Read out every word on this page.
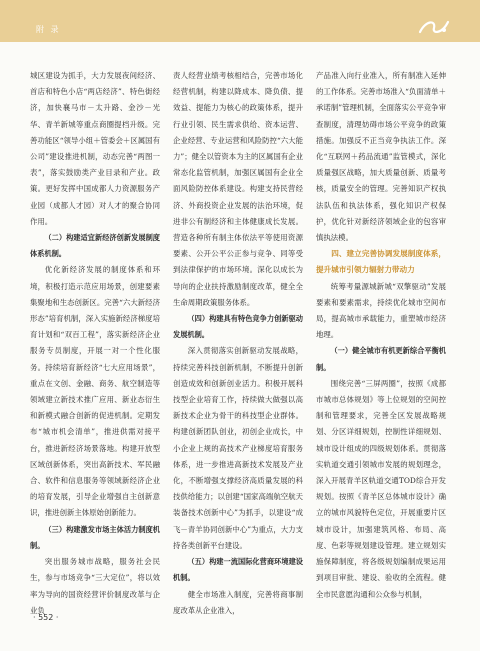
附 录

城区建设为抓手，大力发展夜间经济、首店和特色小店“两店经济”、特色街经济，加快襄马市－太升路、金沙－光华、青羊新城等重点商圈提档升级。完善功能区“领导小组＋管委会＋区属国有公司”建设推进机制，动态完善“两图一表”，落实鼓励类产业目录和产业。政策。更好发挥中国成都人力资源服务产业园（成都人才园）对人才的聚合协同作用。

（二）构建适宜新经济创新发展制度体系机制。

优化新经济发展的制度体系和环境，积极打造示范应用场景，创建要素集聚地和生态创新区。完善“六大新经济形态”培育机制，深入实施新经济梯度培育计划和“双百工程”，落实新经济企业服务专员制度，开展一对一个性化服务。持续培育新经济“七大应用场景”，重点在文创、金融、商务、航空制造等领域建立新技术推广应用、新业态衍生和新模式融合创新的促进机制。定期发布“城市机会清单”，推进供需对接平台，推进新经济场景落地。构建开放型区域创新体系，突出高新技术、军民融合、软件和信息服务等领域新经济企业的培育发展，引导企业增强自主创新意识，推进创新主体原始创新能力。

（三）构建激发市场主体活力制度机制。

突出服务城市战略，服务社会民生，参与市场竞争“三大定位”，将以效率为导向的国资经营评价制度改革与企业负

责人经营业绩考核相结合，完善市场化经营机制，构建以降成本、降负债、提效益、提能力为核心的政策体系，提升行业引领、民生需求供给、资本运营、企业经营、专业运营和风险防控“六大能力”；健全以管资本为主的区属国有企业常态化监管机制，加强区属国有企业全面风险防控体系建设。构建支持民营经济、外商投资企业发展的法治环境，促进非公有制经济和主体健康成长发展。营造各种所有制主体依法平等使用资源要素、公开公平公正参与竞争、同等受到法律保护的市场环境。深化以成长为导向的企业扶持激励制度改革，健全全生命周期政策服务体系。

（四）构建具有特色竞争力创新驱动发展机制。

深入贯彻落实创新驱动发展战略，持续完善科技创新机制，不断提升创新创造成效和创新创业活力。积极开展科技型企业培育工作，持续做大做强以高新技术企业为骨干的科技型企业群体。构建创新团队创业，初创企业成长，中小企业上规的高技术产业梯度培育服务体系，进一步推进高新技术发展及产业化，不断增强支撑经济高质量发展的科技供给能力；以创建“国家高端航空航天装备技术创新中心”为抓手，以建设“成飞－青羊协同创新中心”为重点，大力支持各类创新平台建设。

（五）构建一流国际化营商环境建设机制。

健全市场准入制度，完善将商事制度改革从企业准入，

产品准入向行业准入，所有制准入延伸的工作体系。完善市场准入“负面清单＋承诺制”管理机制，全面落实公平竞争审查制度，清理妨碍市场公平竞争的政策措施。加强反不正当竞争执法工作。深化“互联网＋药品流通”监管模式，深化质量强区战略，加大质量创新、质量考核，质量安全的管理。完善知识产权执法队伍和执法体系，强化知识产权保护，优化针对新经济领域企业的包容审慎执法模。

四、建立完善协调发展制度体系，提升城市引领力辐射力带动力

统筹考量源城新城“双擎驱动”发展要素和要素需求，持续优化城市空间布局，提高城市承载能力，重塑城市经济地理。

（一）健全城市有机更新综合平衡机制。

围绕完善“三屏两圈”，按照《成都市城市总体规划》等上位规划的空间控制和管理要求，完善全区发展战略规划、分区详细规划，控制性详细规划、城市设计组成的四级规划体系。贯彻落实轨道交通引领城市发展的规划理念，深入开展青羊区轨道交通TOD综合开发规划。按照《青羊区总体城市设计》确立的城市风貌特色定位，开展重要片区城市设计，加强建筑风格、布局、高度、色彩等规划建设管理。建立规划实施保障制度，将各级规划编制成果运用到项目审批、建设、验收的全流程。健全市民意愿沟通和公众参与机制，

· 552 ·
